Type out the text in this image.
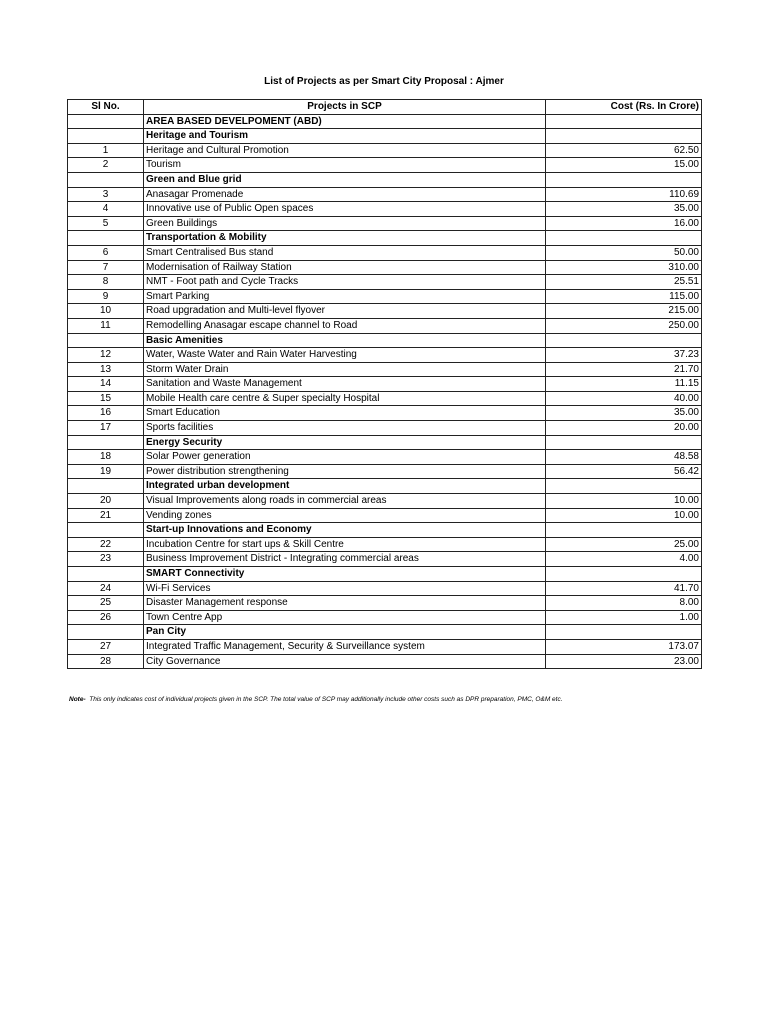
List of Projects as per Smart City Proposal : Ajmer
Sl No.	Projects in SCP	Cost (Rs. In Crore)
	AREA BASED DEVELPOMENT (ABD)	
	Heritage and Tourism	
1	Heritage and Cultural Promotion	62.50
2	Tourism	15.00
	Green and Blue grid	
3	Anasagar Promenade	110.69
4	Innovative use of Public Open spaces	35.00
5	Green Buildings	16.00
	Transportation & Mobility	
6	Smart Centralised Bus stand	50.00
7	Modernisation of Railway Station	310.00
8	NMT - Foot path and Cycle Tracks	25.51
9	Smart Parking	115.00
10	Road upgradation and Multi-level flyover	215.00
11	Remodelling Anasagar escape channel to Road	250.00
	Basic Amenities	
12	Water, Waste Water and Rain Water Harvesting	37.23
13	Storm Water Drain	21.70
14	Sanitation and Waste Management	11.15
15	Mobile Health care centre & Super specialty Hospital	40.00
16	Smart Education	35.00
17	Sports facilities	20.00
	Energy Security	
18	Solar Power generation	48.58
19	Power distribution strengthening	56.42
	Integrated urban development	
20	Visual Improvements along roads in commercial areas	10.00
21	Vending zones	10.00
	Start-up Innovations and Economy	
22	Incubation Centre for start ups & Skill Centre	25.00
23	Business Improvement District - Integrating commercial areas	4.00
	SMART Connectivity	
24	Wi-Fi Services	41.70
25	Disaster Management response	8.00
26	Town Centre App	1.00
	Pan City	
27	Integrated Traffic Management, Security & Surveillance system	173.07
28	City Governance	23.00
Note- This only indicates cost of individual projects given in the SCP. The total value of SCP may additionally include other costs such as DPR preparation, PMC, O&M etc.
